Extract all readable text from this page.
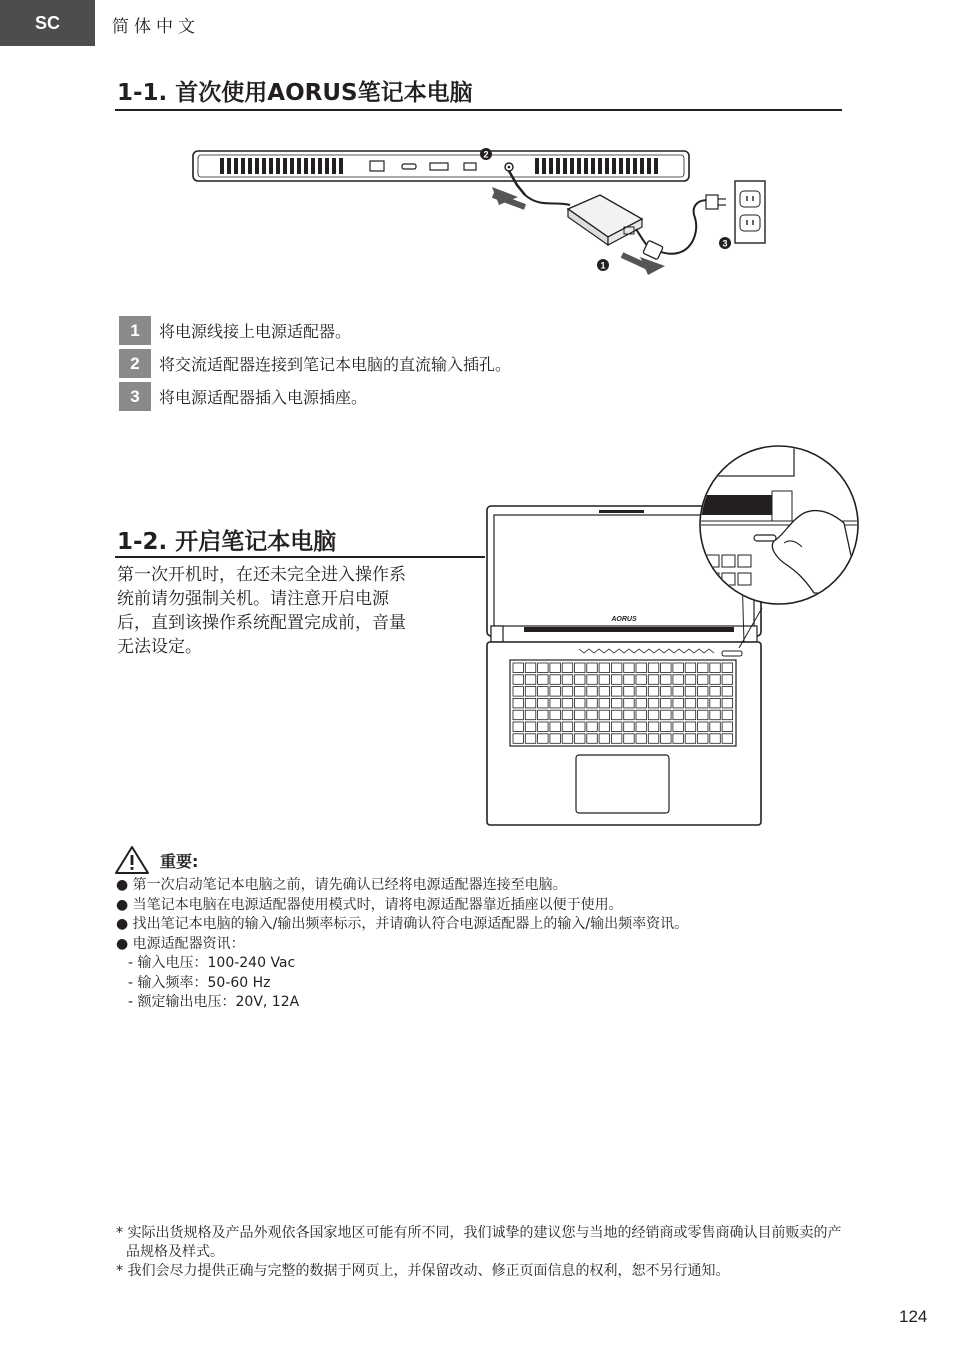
SC	简体中文
1-1. 首次使用AORUS笔记本电脑
2
1
3
1	将电源线接上电源适配器。
2	将交流适配器连接到笔记本电脑的直流输入插孔。
3	将电源适配器插入电源插座。
1-2. 开启笔记本电脑

第一次开机时，在还未完全进入操作系
统前请勿强制关机。请注意开启电源
后，直到该操作系统配置完成前，音量
无法设定。

AORUS
重要:
● 第一次启动笔记本电脑之前，请先确认已经将电源适配器连接至电脑。
● 当笔记本电脑在电源适配器使用模式时，请将电源适配器靠近插座以便于使用。
● 找出笔记本电脑的输入/输出频率标示，并请确认符合电源适配器上的输入/输出频率资讯。
● 电源适配器资讯：
- 输入电压：100-240 Vac
- 输入频率：50-60 Hz
- 额定输出电压：20V, 12A

* 实际出货规格及产品外观依各国家地区可能有所不同，我们诚挚的建议您与当地的经销商或零售商确认目前贩卖的产品规格及样式。

* 我们会尽力提供正确与完整的数据于网页上，并保留改动、修正页面信息的权利，恕不另行通知。

124
